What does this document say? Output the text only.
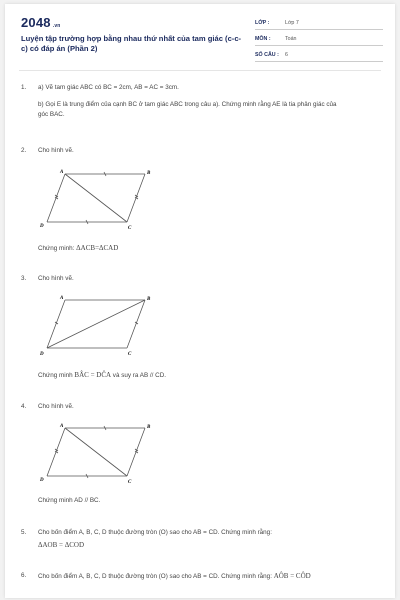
2048 .vn
Luyện tập trường hợp bằng nhau thứ nhất của tam giác (c-c-c) có đáp án (Phần 2)
LỚP :	Lớp 7
MÔN :	Toán
SỐ CÂU : 6
1. a) Vẽ tam giác ABC có BC = 2cm, AB = AC = 3cm.
b) Gọi E là trung điểm của cạnh BC ở tam giác ABC trong câu a). Chứng minh rằng AE là tia phân giác của góc BAC.
2. Cho hình vẽ.
A	B
D	C
Chứng minh: ΔACB=ΔCAD
3. Cho hình vẽ.
A	B
D	C
Chứng minh BÂC = DĈA và suy ra AB // CD.
4. Cho hình vẽ.
A	B
D	C
Chứng minh AD // BC.
5. Cho bốn điểm A, B, C, D thuộc đường tròn (O) sao cho AB = CD. Chứng minh rằng:
ΔAOB = ΔCOD
6. Cho bốn điểm A, B, C, D thuộc đường tròn (O) sao cho AB = CD. Chứng minh rằng: AÔB = CÔD
